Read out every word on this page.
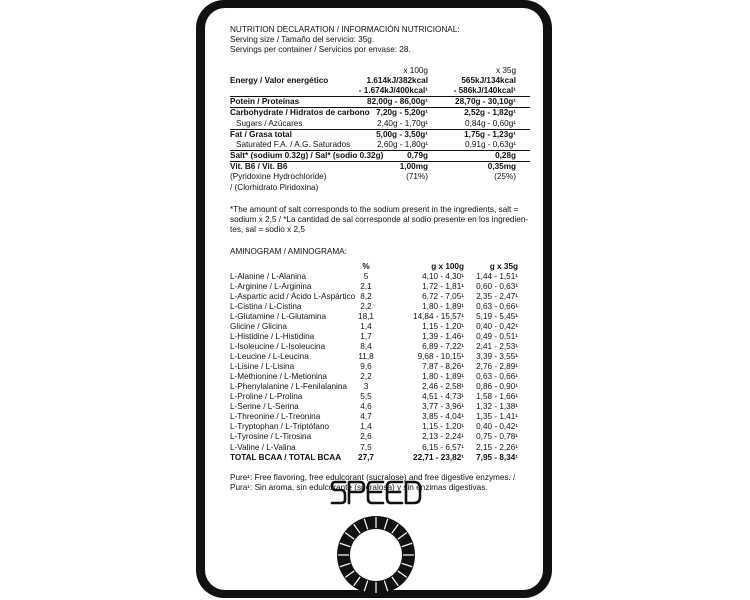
NUTRITION DECLARATION / INFORMACIÓN NUTRICIONAL:
Serving size / Tamaño del servicio: 35g.
Servings per container / Servicios por envase: 28.
x 100g	x 35g
Energy / Valor energético	1.614kJ/382kcal	565kJ/134kcal
- 1.674kJ/400kcal¹	- 586kJ/140kcal¹
Potein / Proteínas	82,00g - 86,00g¹	28,70g - 30,10g¹
Carbohydrate / Hidratos de carbono 7,20g - 5,20g¹	2,52g - 1,82g¹
Sugars / Azúcares	2,40g - 1,70g¹	0,84g - 0,60g¹
Fat / Grasa total	5,00g - 3,50g¹	1,75g - 1,23g¹
Saturated F.A. / A.G. Saturados	2,60g - 1,80g¹	0,91g - 0,63g¹
Salt* (sodium 0.32g) / Sal* (sodio 0.32g)	0,79g	0,28g
Vit. B6 / Vit. B6	1,00mg	0,35mg
(Pyridoxine Hydrochloride)	(71%)	(25%)
/ (Clorhidrato Piridoxina)
*The amount of salt corresponds to the sodium present in the ingredients, salt =
sodium x 2,5 / *La cantidad de sal corresponde al sodio presente en los ingredien-
tes, sal = sodio x 2,5
AMINOGRAM / AMINOGRAMA:
%	g x 100g	g x 35g
L-Alanine / L-Alanina	5	4,10 - 4,30¹	1,44 - 1,51¹
L-Arginine / L-Arginina	2,1	1,72 - 1,81¹	0,60 - 0,63¹
L-Aspartic acid / Ácido L-Aspártico 8,2	6,72 - 7,05¹	2,35 - 2,47¹
L-Cistina / L-Cistina	2,2	1,80 - 1,89¹	0,63 - 0,66¹
L-Glutamine / L-Glutamina	18,1	14,84 - 15,57¹	5,19 - 5,45¹
Glicine / Glicina	1,4	1,15 - 1,20¹	0,40 - 0,42¹
L-Histidine / L-Histidina	1,7	1,39 - 1,46¹	0,49 - 0,51¹
L-Isoleucine / L-Isoleucina	8,4	6,89 - 7,22¹	2,41 - 2,53¹
L-Leucine / L-Leucina	11,8	9,68 - 10,15¹	3,39 - 3,55¹
L-Lisine / L-Lisina	9,6	7,87 - 8,26¹	2,76 - 2,89¹
L-Methionine / L-Metionina	2,2	1,80 - 1,89¹	0,63 - 0,66¹
L-Phenylalanine / L-Fenilalanina	3	2,46 - 2,58¹	0,86 - 0,90¹
L-Proline / L-Prolina	5,5	4,51 - 4,73¹	1,58 - 1,66¹
L-Serine / L-Serina	4,6	3,77 - 3,96¹	1,32 - 1,38¹
L-Threonine / L-Treonina	4,7	3,85 - 4,04¹	1,35 - 1,41¹
L-Tryptophan / L-Triptófano	1,4	1,15 - 1,20¹	0,40 - 0,42¹
L-Tyrosine / L-Tirosina	2,6	2,13 - 2,24¹	0,75 - 0,78¹
L-Valine / L-Valina	7,5	6,15 - 6,57¹	2,15 - 2,26¹
TOTAL BCAA / TOTAL BCAA	27,7	22,71 - 23,82¹	7,95 - 8,34¹
Pure¹: Free flavoring, free edulcorant (sucralose) and free digestive enzymes. /
Pura¹: Sin aroma, sin edulcorante (sucralosa) y sin enzimas digestivas.
